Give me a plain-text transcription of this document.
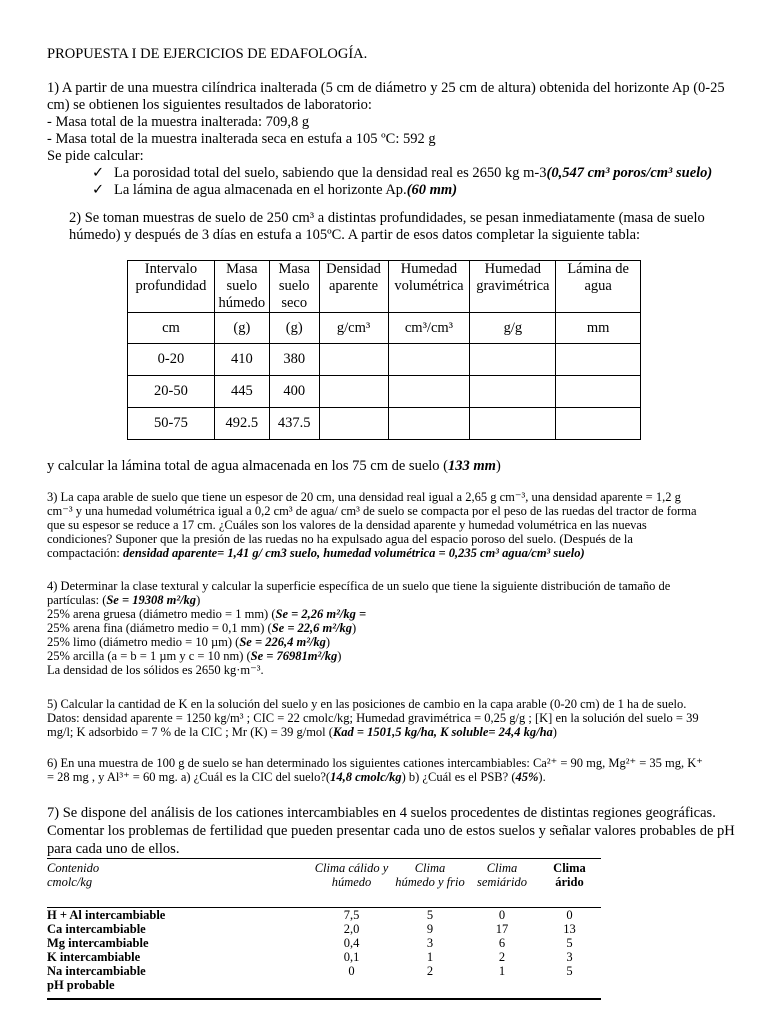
PROPUESTA I DE EJERCICIOS DE EDAFOLOGÍA.
1) A partir de una muestra cilíndrica inalterada (5 cm de diámetro y 25 cm de altura) obtenida del horizonte Ap (0-25
cm) se obtienen los siguientes resultados de laboratorio:
- Masa total de la muestra inalterada: 709,8 g
- Masa total de la muestra inalterada seca en estufa a 105 ºC: 592 g
Se pide calcular:
✓ La porosidad total del suelo, sabiendo que la densidad real es 2650 kg m-3(0,547 cm³ poros/cm³ suelo)
✓ La lámina de agua almacenada en el horizonte Ap.(60 mm)
2) Se toman muestras de suelo de 250 cm³ a distintas profundidades, se pesan inmediatamente (masa de suelo
húmedo) y después de 3 días en estufa a 105ºC. A partir de esos datos completar la siguiente tabla:
Intervalo profundidad	Masa suelo húmedo	Masa suelo seco	Densidad aparente	Humedad volumétrica	Humedad gravimétrica	Lámina de agua
cm	(g)	(g)	g/cm³	cm³/cm³	g/g	mm
0-20	410	380				
20-50	445	400				
50-75	492.5	437.5				
y calcular la lámina total de agua almacenada en los 75 cm de suelo (133 mm)
3) La capa arable de suelo que tiene un espesor de 20 cm, una densidad real igual a 2,65 g cm⁻³, una densidad aparente = 1,2 g
cm⁻³ y una humedad volumétrica igual a 0,2 cm³ de agua/ cm³ de suelo se compacta por el peso de las ruedas del tractor de forma
que su espesor se reduce a 17 cm. ¿Cuáles son los valores de la densidad aparente y humedad volumétrica en las nuevas
condiciones? Suponer que la presión de las ruedas no ha expulsado agua del espacio poroso del suelo. (Después de la
compactación: densidad aparente= 1,41 g/ cm3 suelo, humedad volumétrica = 0,235 cm³ agua/cm³ suelo)
4) Determinar la clase textural y calcular la superficie específica de un suelo que tiene la siguiente distribución de tamaño de
partículas: (Se = 19308 m²/kg)
25% arena gruesa (diámetro medio = 1 mm) (Se = 2,26 m²/kg =
25% arena fina (diámetro medio = 0,1 mm) (Se = 22,6 m²/kg)
25% limo (diámetro medio = 10 µm) (Se = 226,4 m²/kg)
25% arcilla (a = b = 1 µm y c = 10 nm) (Se = 76981m²/kg)
La densidad de los sólidos es 2650 kg·m⁻³.
5) Calcular la cantidad de K en la solución del suelo y en las posiciones de cambio en la capa arable (0-20 cm) de 1 ha de suelo.
Datos: densidad aparente = 1250 kg/m³ ; CIC = 22 cmolc/kg; Humedad gravimétrica = 0,25 g/g ; [K] en la solución del suelo = 39
mg/l; K adsorbido = 7 % de la CIC ; Mr (K) = 39 g/mol (Kad = 1501,5 kg/ha, K soluble= 24,4 kg/ha)
6) En una muestra de 100 g de suelo se han determinado los siguientes cationes intercambiables: Ca²⁺ = 90 mg, Mg²⁺ = 35 mg, K⁺
= 28 mg , y Al³⁺ = 60 mg. a) ¿Cuál es la CIC del suelo?(14,8 cmolc/kg) b) ¿Cuál es el PSB? (45%).
7) Se dispone del análisis de los cationes intercambiables en 4 suelos procedentes de distintas regiones geográficas.
Comentar los problemas de fertilidad que pueden presentar cada uno de estos suelos y señalar valores probables de pH
para cada uno de ellos.
Contenido
cmolc/kg	Clima cálido y húmedo	Clima húmedo y frio	Clima semiárido	Clima árido

H + Al intercambiable	7,5	5	0	0
Ca intercambiable	2,0	9	17	13
Mg intercambiable	0,4	3	6	5
K intercambiable	0,1	1	2	3
Na intercambiable	0	2	1	5
pH probable				
